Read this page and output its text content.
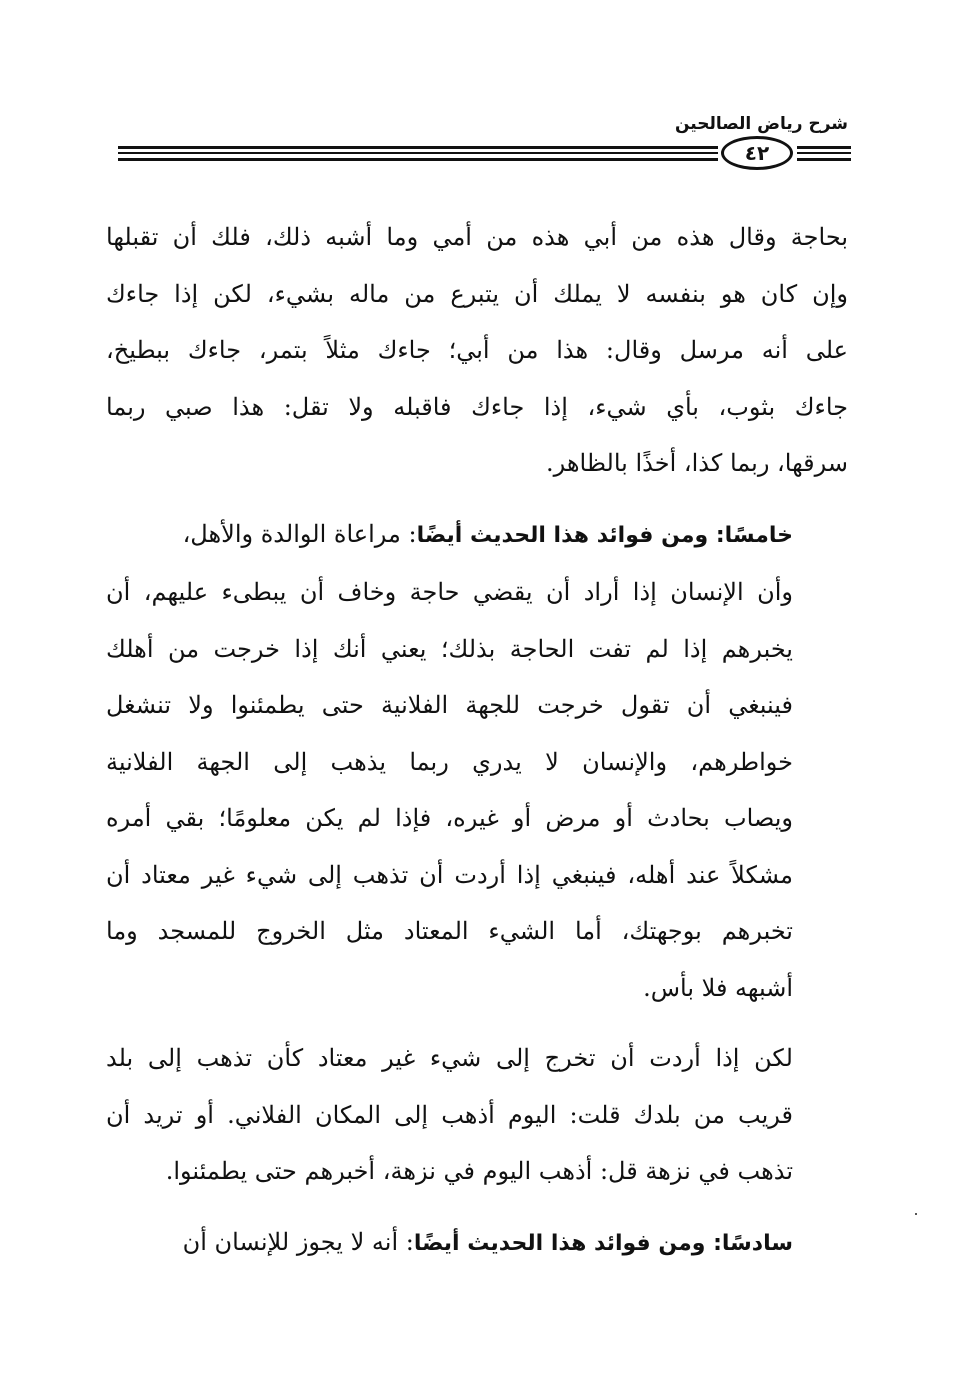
شرح رياض الصالحين
٤٢

بحاجة وقال هذه من أبي هذه من أمي وما أشبه ذلك، فلك أن تقبلها
وإن كان هو بنفسه لا يملك أن يتبرع من ماله بشيء، لكن إذا جاءك
على أنه مرسل وقال: هذا من أبي؛ جاءك مثلاً بتمر، جاءك ببطيخ،
جاءك بثوب، بأي شيء، إذا جاءك فاقبله ولا تقل: هذا صبي ربما
سرقها، ربما كذا، أخذًا بالظاهر.

خامسًا: ومن فوائد هذا الحديث أيضًا: مراعاة الوالدة والأهل،
وأن الإنسان إذا أراد أن يقضي حاجة وخاف أن يبطىء عليهم، أن
يخبرهم إذا لم تفت الحاجة بذلك؛ يعني أنك إذا خرجت من أهلك
فينبغي أن تقول خرجت للجهة الفلانية حتى يطمئنوا ولا تنشغل
خواطرهم، والإنسان لا يدري ربما يذهب إلى الجهة الفلانية
ويصاب بحادث أو مرض أو غيره، فإذا لم يكن معلومًا؛ بقي أمره
مشكلاً عند أهله، فينبغي إذا أردت أن تذهب إلى شيء غير معتاد أن
تخبرهم بوجهتك، أما الشيء المعتاد مثل الخروج للمسجد وما
أشبهه فلا بأس.

لكن إذا أردت أن تخرج إلى شيء غير معتاد كأن تذهب إلى بلد
قريب من بلدك قلت: اليوم أذهب إلى المكان الفلاني. أو تريد أن
تذهب في نزهة قل: أذهب اليوم في نزهة، أخبرهم حتى يطمئنوا.

سادسًا: ومن فوائد هذا الحديث أيضًا: أنه لا يجوز للإنسان أن
